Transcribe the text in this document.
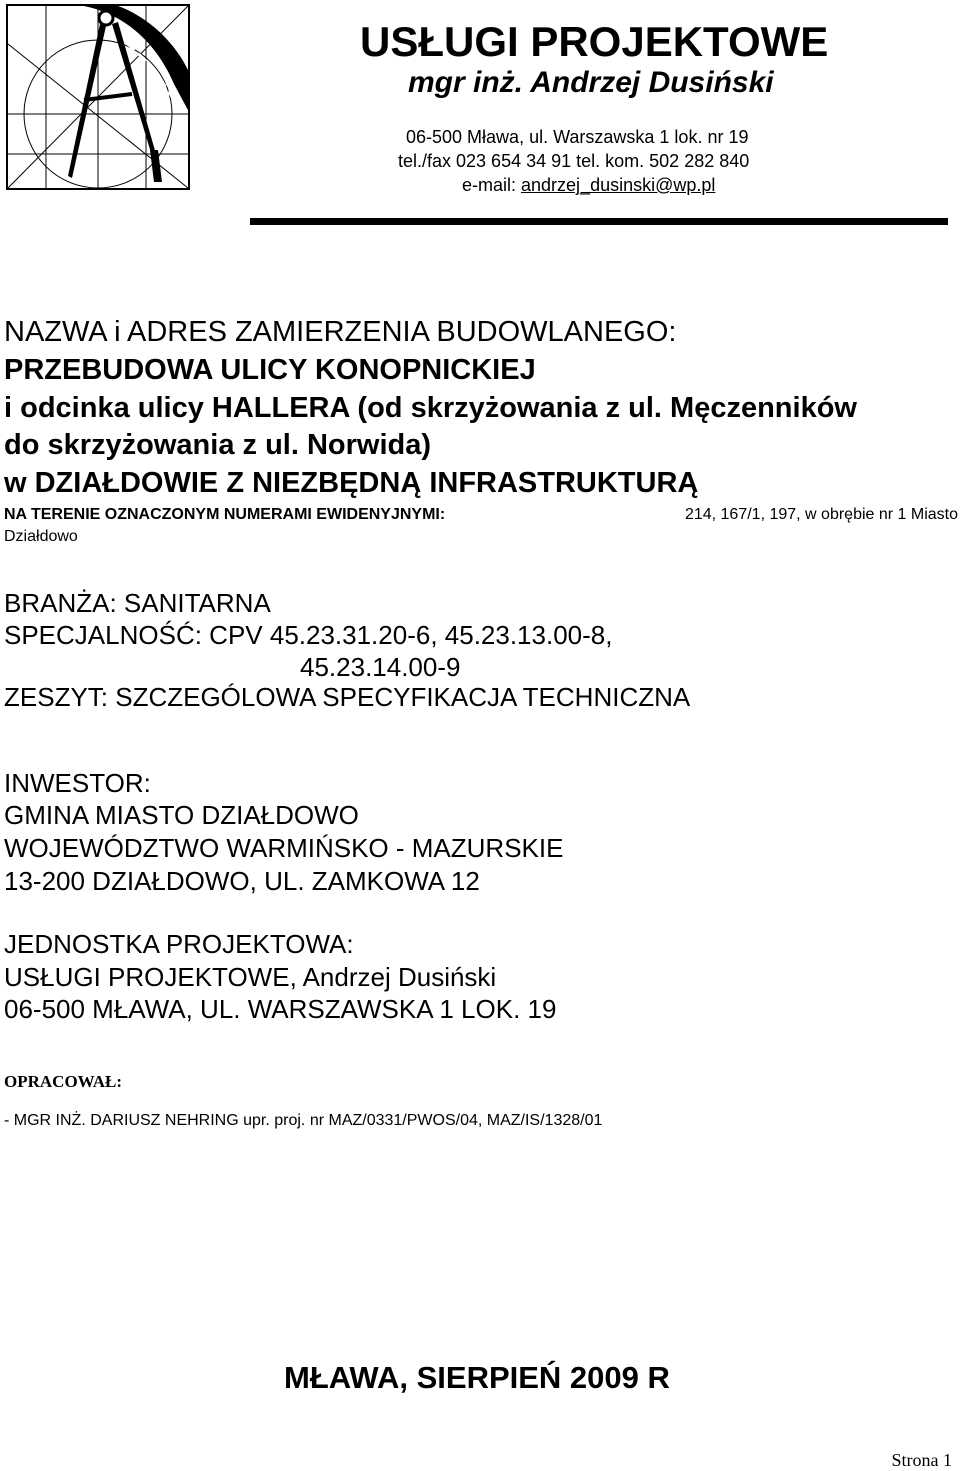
USŁUGI PROJEKTOWE
mgr inż. Andrzej Dusiński
06-500 Mława, ul. Warszawska 1 lok. nr 19
tel./fax 023 654 34 91 tel. kom. 502 282 840
e-mail: andrzej_dusinski@wp.pl
NAZWA i ADRES ZAMIERZENIA BUDOWLANEGO:
PRZEBUDOWA ULICY KONOPNICKIEJ
i odcinka ulicy HALLERA (od skrzyżowania z ul. Męczenników
do skrzyżowania z ul. Norwida)
w DZIAŁDOWIE Z NIEZBĘDNĄ INFRASTRUKTURĄ
NA TERENIE OZNACZONYM NUMERAMI EWIDENYJNYMI:	214, 167/1, 197, w obrębie nr 1 Miasto
Działdowo
BRANŻA: SANITARNA
SPECJALNOŚĆ: CPV 45.23.31.20-6, 45.23.13.00-8,
45.23.14.00-9
ZESZYT: SZCZEGÓLOWA SPECYFIKACJA TECHNICZNA
INWESTOR:
GMINA MIASTO DZIAŁDOWO
WOJEWÓDZTWO WARMIŃSKO - MAZURSKIE
13-200 DZIAŁDOWO, UL. ZAMKOWA 12
JEDNOSTKA PROJEKTOWA:
USŁUGI PROJEKTOWE, Andrzej Dusiński
06-500 MŁAWA, UL. WARSZAWSKA 1 LOK. 19
OPRACOWAŁ:
- MGR INŻ. DARIUSZ NEHRING upr. proj. nr MAZ/0331/PWOS/04, MAZ/IS/1328/01
MŁAWA, SIERPIEŃ 2009 R
Strona 1
